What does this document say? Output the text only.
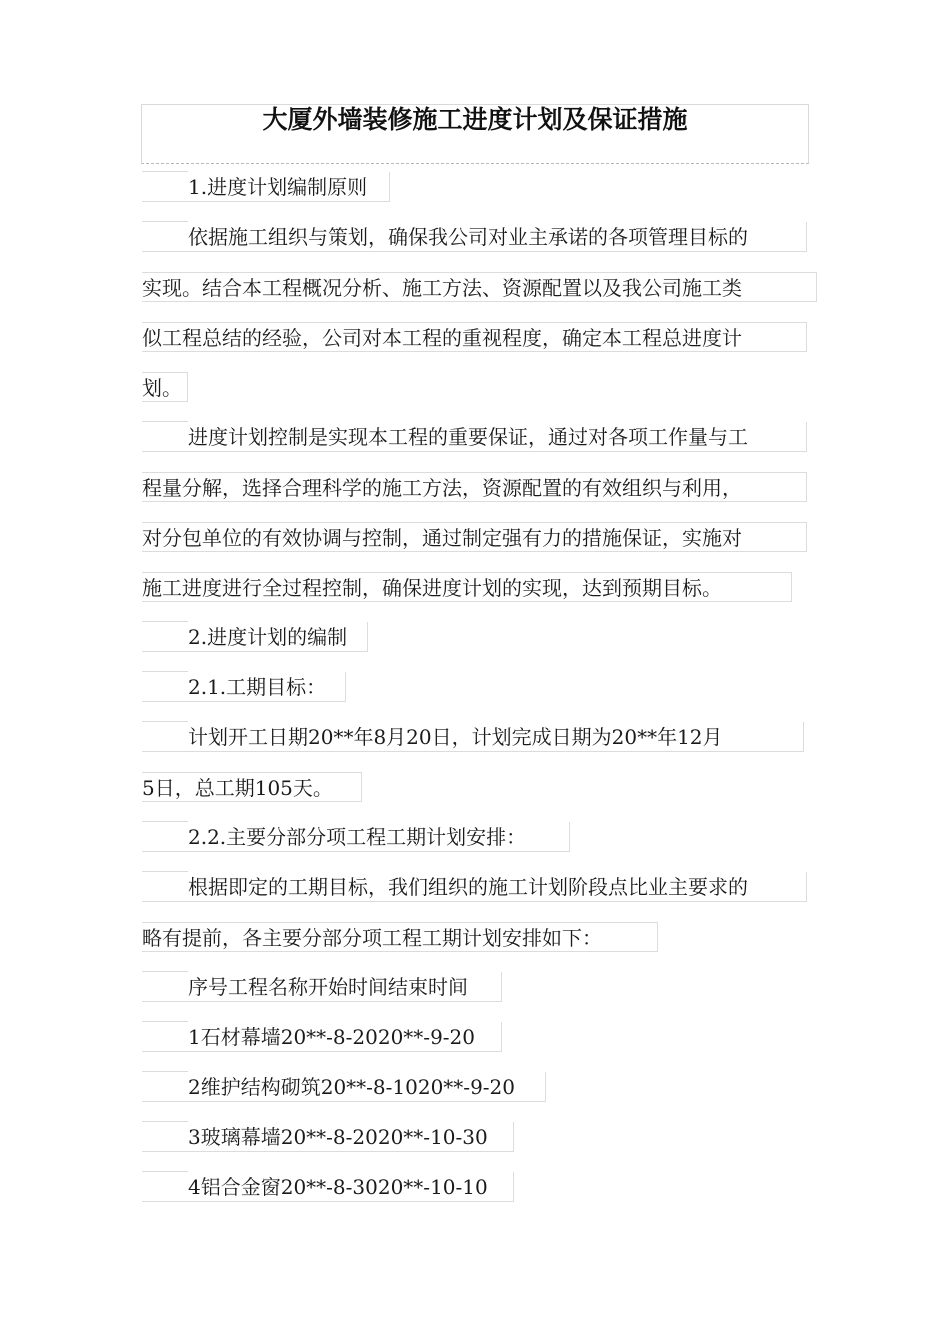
大厦外墙装修施工进度计划及保证措施
1.进度计划编制原则
依据施工组织与策划，确保我公司对业主承诺的各项管理目标的
实现。结合本工程概况分析、施工方法、资源配置以及我公司施工类
似工程总结的经验，公司对本工程的重视程度，确定本工程总进度计
划。
进度计划控制是实现本工程的重要保证，通过对各项工作量与工
程量分解，选择合理科学的施工方法，资源配置的有效组织与利用，
对分包单位的有效协调与控制，通过制定强有力的措施保证，实施对
施工进度进行全过程控制，确保进度计划的实现，达到预期目标。
2.进度计划的编制
2.1.工期目标：
计划开工日期20**年8月20日，计划完成日期为20**年12月
5日，总工期105天。
2.2.主要分部分项工程工期计划安排：
根据即定的工期目标，我们组织的施工计划阶段点比业主要求的
略有提前，各主要分部分项工程工期计划安排如下：
序号工程名称开始时间结束时间
1石材幕墙20**-8-2020**-9-20
2维护结构砌筑20**-8-1020**-9-20
3玻璃幕墙20**-8-2020**-10-30
4铝合金窗20**-8-3020**-10-10
